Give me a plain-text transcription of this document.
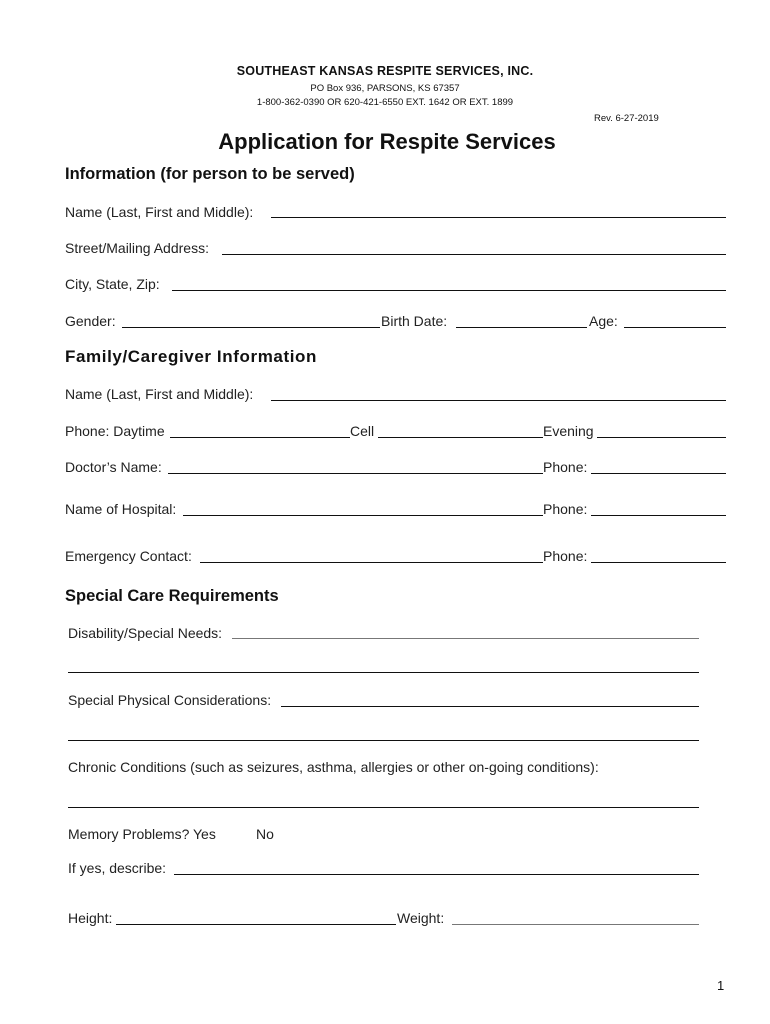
SOUTHEAST KANSAS RESPITE SERVICES, INC.
PO Box 936, PARSONS, KS 67357
1-800-362-0390 OR 620-421-6550 EXT. 1642 OR EXT. 1899
Rev. 6-27-2019
Application for Respite Services
Information (for person to be served)
Name (Last, First and Middle):
Street/Mailing Address:
City, State, Zip:
Gender:	Birth Date:	Age:
Family/Caregiver Information
Name (Last, First and Middle):
Phone: Daytime	Cell	Evening
Doctor’s Name:	Phone:
Name of Hospital:	Phone:
Emergency Contact:	Phone:
Special Care Requirements
Disability/Special Needs:
Special Physical Considerations:
Chronic Conditions (such as seizures, asthma, allergies or other on-going conditions):
Memory Problems? Yes	No
If yes, describe:
Height:	Weight:
1
